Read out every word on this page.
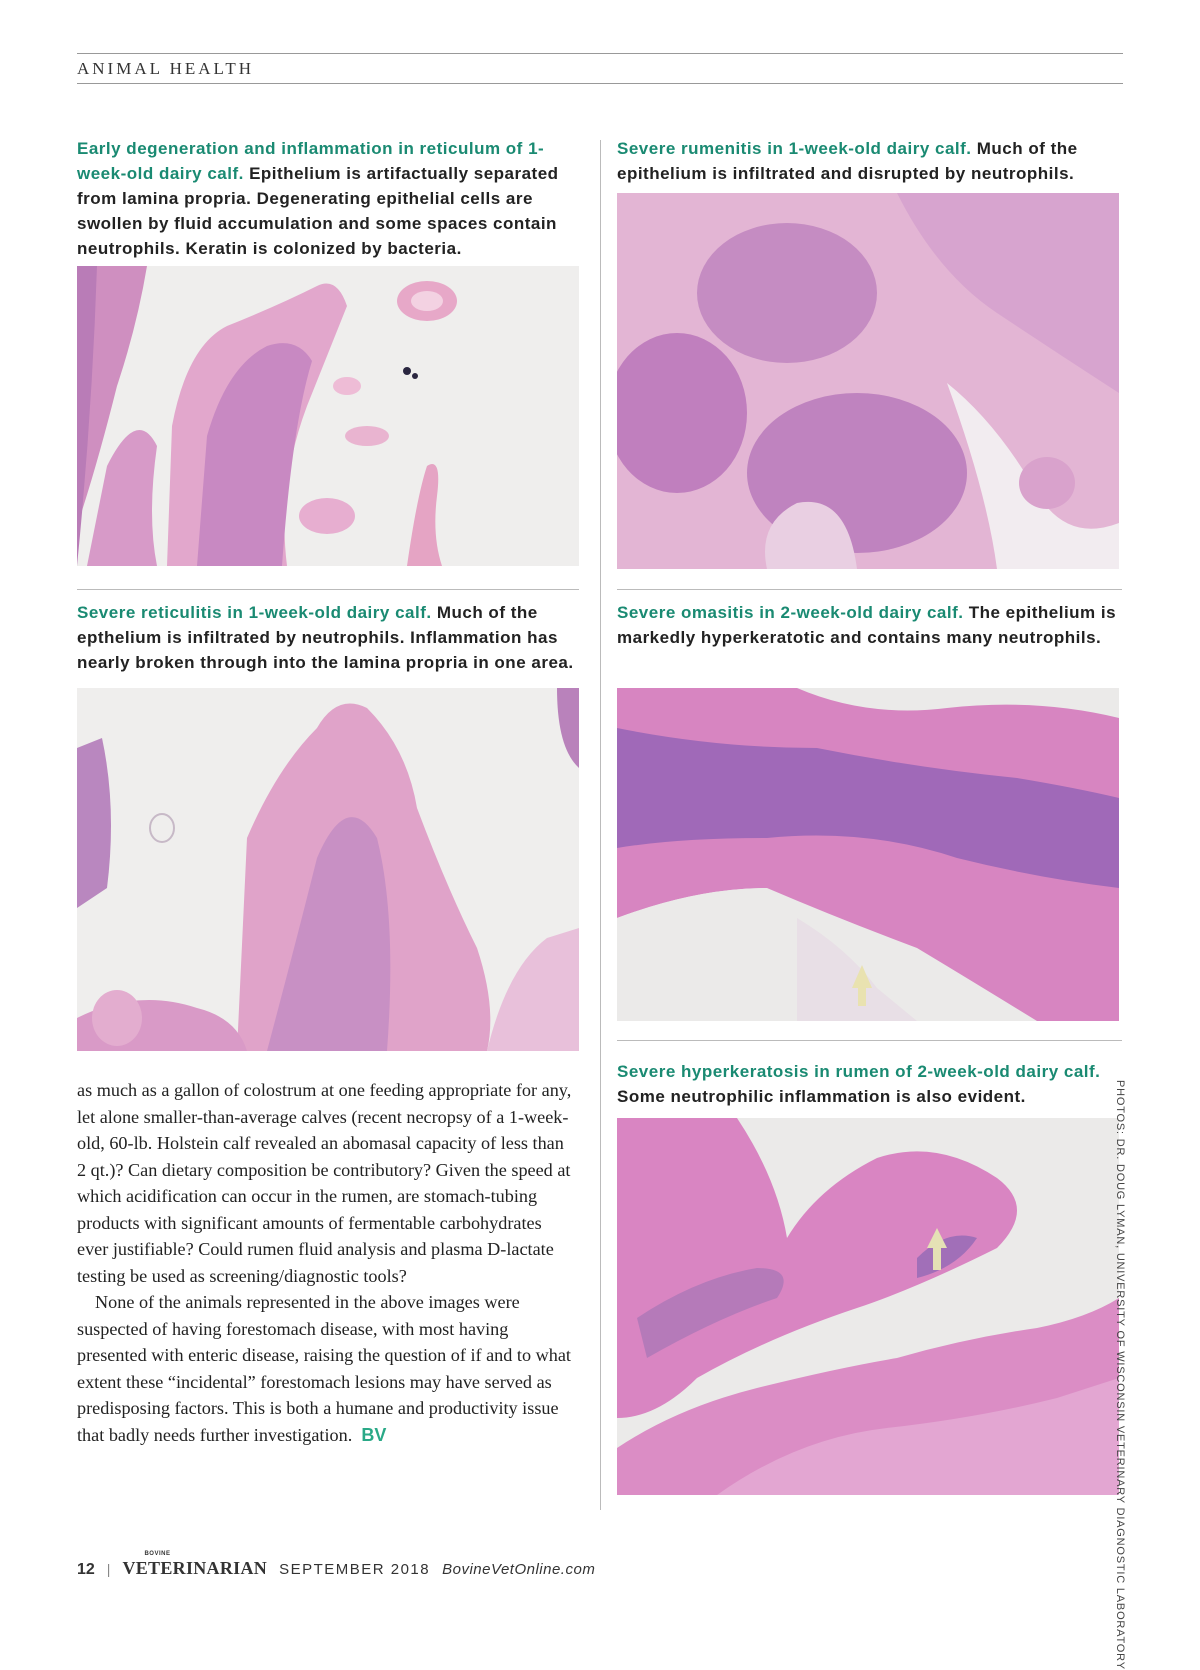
ANIMAL HEALTH
Early degeneration and inflammation in reticulum of 1-week-old dairy calf. Epithelium is artifactually separated from lamina propria. Degenerating epithelial cells are swollen by fluid accumulation and some spaces contain neutrophils. Keratin is colonized by bacteria.
Severe rumenitis in 1-week-old dairy calf. Much of the epithelium is infiltrated and disrupted by neutrophils.
Severe reticulitis in 1-week-old dairy calf. Much of the epthelium is infiltrated by neutrophils. Inflammation has nearly broken through into the lamina propria in one area.
Severe omasitis in 2-week-old dairy calf. The epithelium is markedly hyperkeratotic and contains many neutrophils.
Severe hyperkeratosis in rumen of 2-week-old dairy calf. Some neutrophilic inflammation is also evident.

as much as a gallon of colostrum at one feeding appropriate for any, let alone smaller-than-average calves (recent necropsy of a 1-week-old, 60-lb. Holstein calf revealed an abomasal capacity of less than 2 qt.)? Can dietary composition be contributory? Given the speed at which acidification can occur in the rumen, are stomach-tubing products with significant amounts of fermentable carbohydrates ever justifiable? Could rumen fluid analysis and plasma D-lactate testing be used as screening/diagnostic tools?

None of the animals represented in the above images were suspected of having forestomach disease, with most having presented with enteric disease, raising the question of if and to what extent these “incidental” forestomach lesions may have served as predisposing factors. This is both a humane and productivity issue that badly needs further investigation. BV	PHOTOS: DR. DOUG LYMAN, UNIVERSITY OF WISCONSIN VETERINARY DIAGNOSTIC LABORATORY
12 |
BOVINE
VETERINARIAN SEPTEMBER 2018 BovineVetOnline.com
